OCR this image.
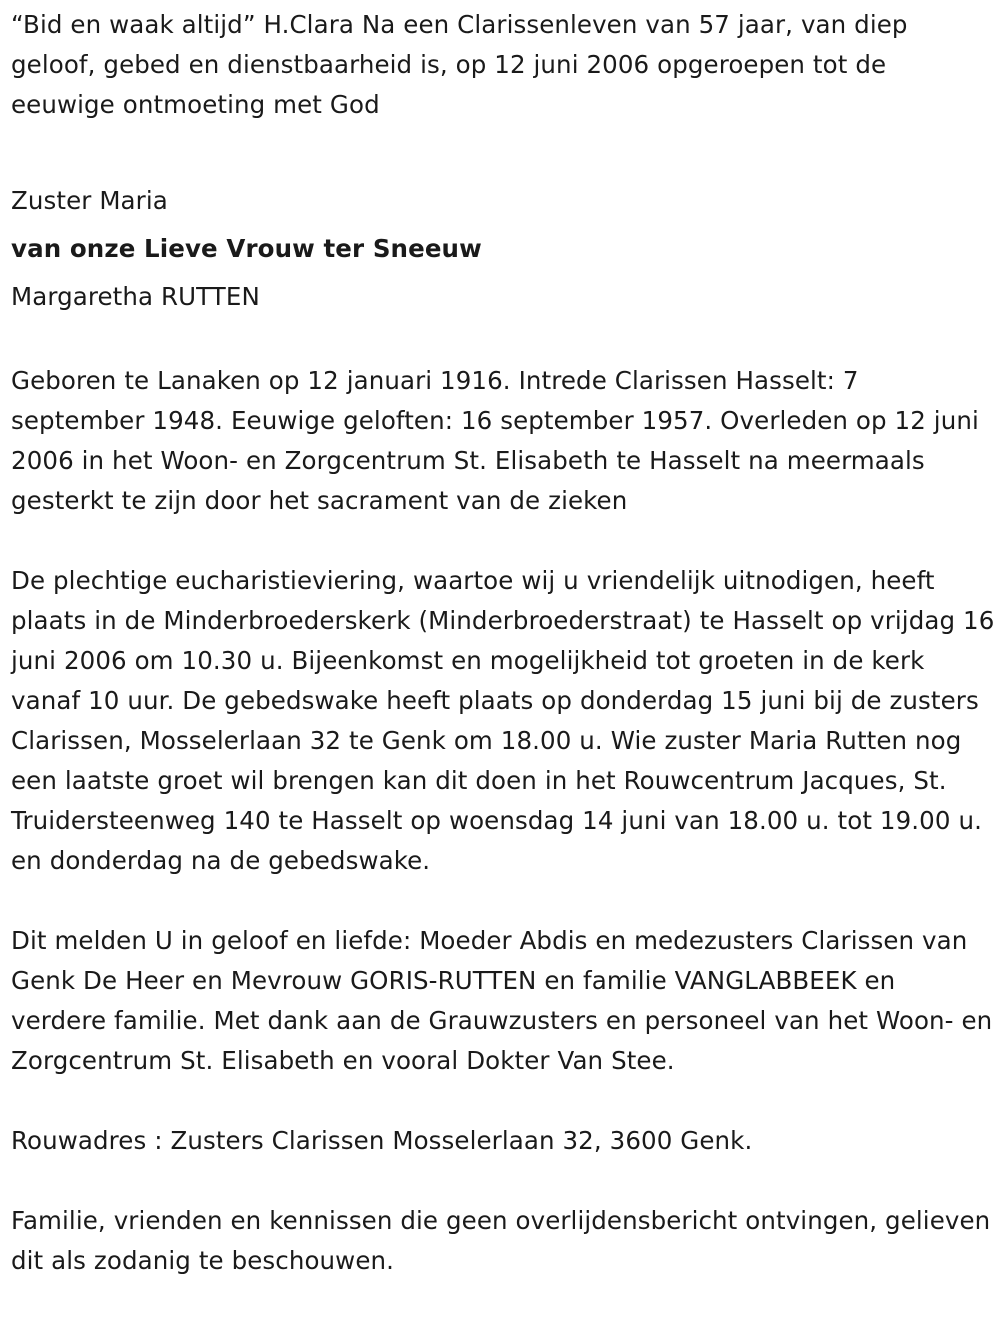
“Bid en waak altijd” H.Clara Na een Clarissenleven van 57 jaar, van diep geloof, gebed en dienstbaarheid is, op 12 juni 2006 opgeroepen tot de eeuwige ontmoeting met God

Zuster Maria

van onze Lieve Vrouw ter Sneeuw

Margaretha RUTTEN

Geboren te Lanaken op 12 januari 1916. Intrede Clarissen Hasselt: 7 september 1948. Eeuwige geloften: 16 september 1957. Overleden op 12 juni 2006 in het Woon- en Zorgcentrum St. Elisabeth te Hasselt na meermaals gesterkt te zijn door het sacrament van de zieken

De plechtige eucharistieviering, waartoe wij u vriendelijk uitnodigen, heeft plaats in de Minderbroederskerk (Minderbroederstraat) te Hasselt op vrijdag 16 juni 2006 om 10.30 u. Bijeenkomst en mogelijkheid tot groeten in de kerk vanaf 10 uur. De gebedswake heeft plaats op donderdag 15 juni bij de zusters Clarissen, Mosselerlaan 32 te Genk om 18.00 u. Wie zuster Maria Rutten nog een laatste groet wil brengen kan dit doen in het Rouwcentrum Jacques, St. Truidersteenweg 140 te Hasselt op woensdag 14 juni van 18.00 u. tot 19.00 u. en donderdag na de gebedswake.

Dit melden U in geloof en liefde: Moeder Abdis en medezusters Clarissen van Genk De Heer en Mevrouw GORIS-RUTTEN en familie VANGLABBEEK en verdere familie. Met dank aan de Grauwzusters en personeel van het Woon- en Zorgcentrum St. Elisabeth en vooral Dokter Van Stee.

Rouwadres : Zusters Clarissen Mosselerlaan 32, 3600 Genk.

Familie, vrienden en kennissen die geen overlijdensbericht ontvingen, gelieven dit als zodanig te beschouwen.
